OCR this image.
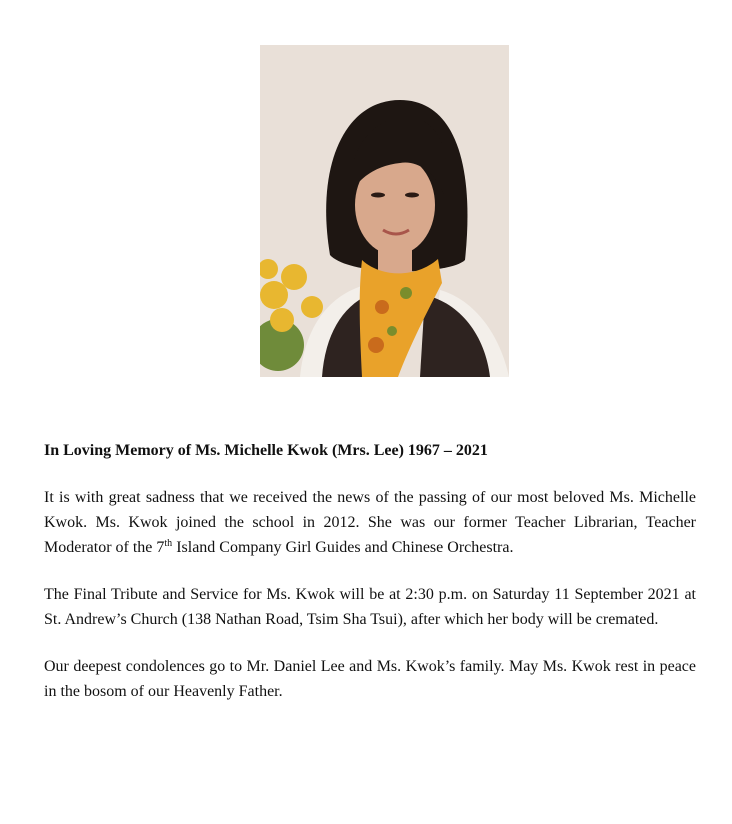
In Loving Memory of Ms. Michelle Kwok (Mrs. Lee) 1967 – 2021

It is with great sadness that we received the news of the passing of our most beloved Ms. Michelle Kwok. Ms. Kwok joined the school in 2012. She was our former Teacher Librarian, Teacher Moderator of the 7th Island Company Girl Guides and Chinese Orchestra.

The Final Tribute and Service for Ms. Kwok will be at 2:30 p.m. on Saturday 11 September 2021 at St. Andrew’s Church (138 Nathan Road, Tsim Sha Tsui), after which her body will be cremated.

Our deepest condolences go to Mr. Daniel Lee and Ms. Kwok’s family. May Ms. Kwok rest in peace in the bosom of our Heavenly Father.
